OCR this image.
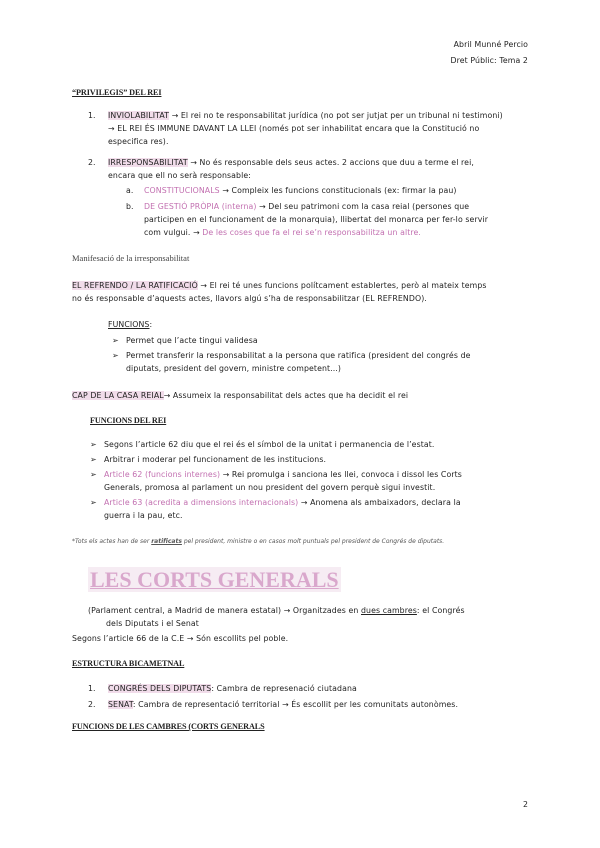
Abril Munné Percio
Dret Públic: Tema 2
“PRIVILEGIS” DEL REI
1. INVIOLABILITAT → El rei no te responsabilitat jurídica (no pot ser jutjat per un tribunal ni testimoni)
→ EL REI ÉS IMMUNE DAVANT LA LLEI (només pot ser inhabilitat encara que la Constitució no
especifica res).
2. IRRESPONSABILITAT → No és responsable dels seus actes. 2 accions que duu a terme el rei,
encara que ell no serà responsable:
a. CONSTITUCIONALS → Compleix les funcions constitucionals (ex: firmar la pau)
b. DE GESTIÓ PRÒPIA (interna) → Del seu patrimoni com la casa reial (persones que
participen en el funcionament de la monarquia), llibertat del monarca per fer-lo servir
com vulgui. → De les coses que fa el rei se’n responsabilitza un altre.
Manifesació de la irresponsabilitat
EL REFRENDO / LA RATIFICACIÓ → El rei té unes funcions polítcament establertes, però al mateix temps
no és responsable d’aquests actes, llavors algú s’ha de responsabilitzar (EL REFRENDO).
FUNCIONS:
➢ Permet que l’acte tingui validesa
➢ Permet transferir la responsabilitat a la persona que ratifica (president del congrés de
diputats, president del govern, ministre competent...)
CAP DE LA CASA REIAL→ Assumeix la responsabilitat dels actes que ha decidit el rei
FUNCIONS DEL REI
➢ Segons l’article 62 diu que el rei és el símbol de la unitat i permanencia de l’estat.
➢ Arbitrar i moderar pel funcionament de les institucions.
➢ Article 62 (funcions internes) → Rei promulga i sanciona les llei, convoca i dissol les Corts
Generals, promosa al parlament un nou president del govern perquè sigui investit.
➢ Article 63 (acredita a dimensions internacionals) → Anomena als ambaixadors, declara la
guerra i la pau, etc.
*Tots els actes han de ser ratificats pel president, ministre o en casos molt puntuals pel president de Congrés de diputats.
LES CORTS GENERALS
(Parlament central, a Madrid de manera estatal) → Organitzades en dues cambres: el Congrés
dels Diputats i el Senat
Segons l’article 66 de la C.E → Són escollits pel poble.
ESTRUCTURA BICAMETNAL
1. CONGRÉS DELS DIPUTATS: Cambra de represenació ciutadana
2. SENAT: Cambra de representació territorial → És escollit per les comunitats autonòmes.
FUNCIONS DE LES CAMBRES (CORTS GENERALS
2
